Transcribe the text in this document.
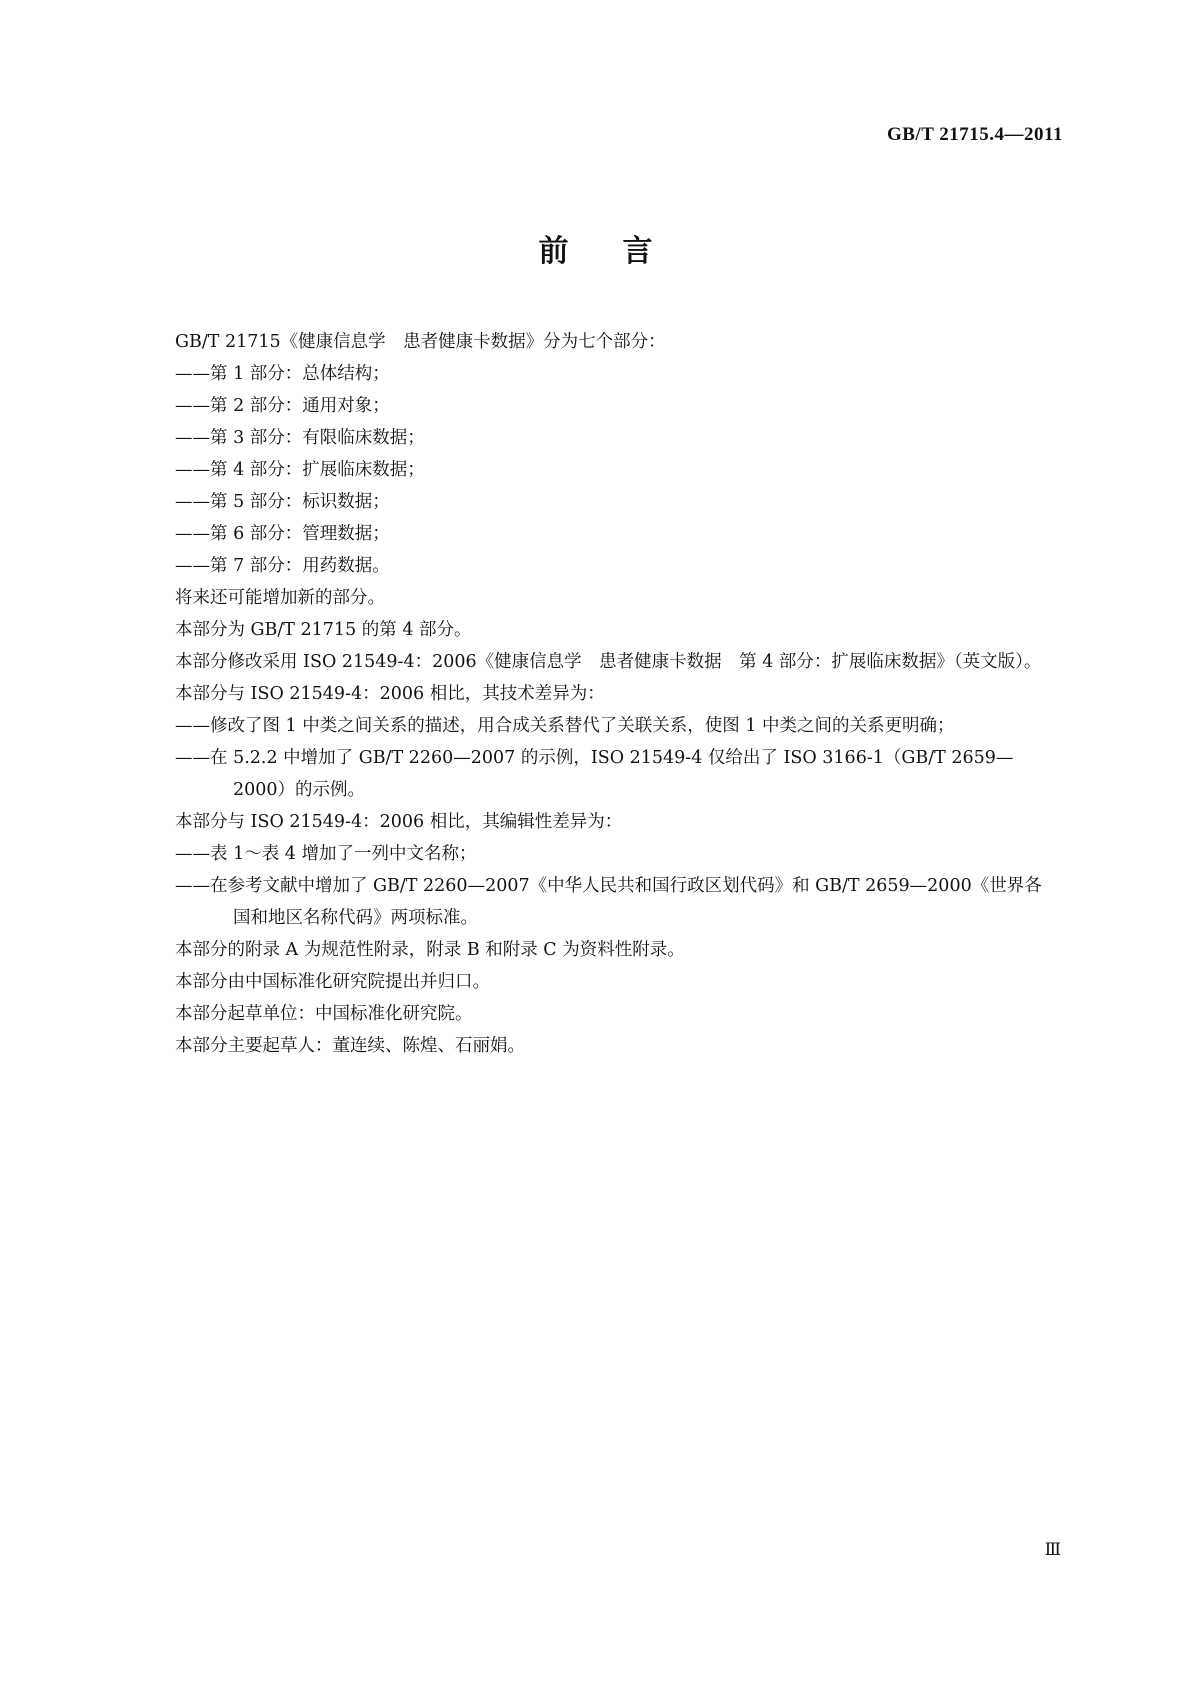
GB/T 21715.4—2011
前言

GB/T 21715《健康信息学　患者健康卡数据》分为七个部分：

——第 1 部分：总体结构；

——第 2 部分：通用对象；

——第 3 部分：有限临床数据；

——第 4 部分：扩展临床数据；

——第 5 部分：标识数据；

——第 6 部分：管理数据；

——第 7 部分：用药数据。

将来还可能增加新的部分。

本部分为 GB/T 21715 的第 4 部分。

本部分修改采用 ISO 21549-4：2006《健康信息学　患者健康卡数据　第 4 部分：扩展临床数据》（英文版）。

本部分与 ISO 21549-4：2006 相比，其技术差异为：

——修改了图 1 中类之间关系的描述，用合成关系替代了关联关系，使图 1 中类之间的关系更明确；

——在 5.2.2 中增加了 GB/T 2260—2007 的示例，ISO 21549-4 仅给出了 ISO 3166-1（GB/T 2659—2000）的示例。

本部分与 ISO 21549-4：2006 相比，其编辑性差异为：

——表 1～表 4 增加了一列中文名称；

——在参考文献中增加了 GB/T 2260—2007《中华人民共和国行政区划代码》和 GB/T 2659—2000《世界各国和地区名称代码》两项标准。

本部分的附录 A 为规范性附录，附录 B 和附录 C 为资料性附录。

本部分由中国标准化研究院提出并归口。

本部分起草单位：中国标准化研究院。

本部分主要起草人：董连续、陈煌、石丽娟。

Ⅲ
